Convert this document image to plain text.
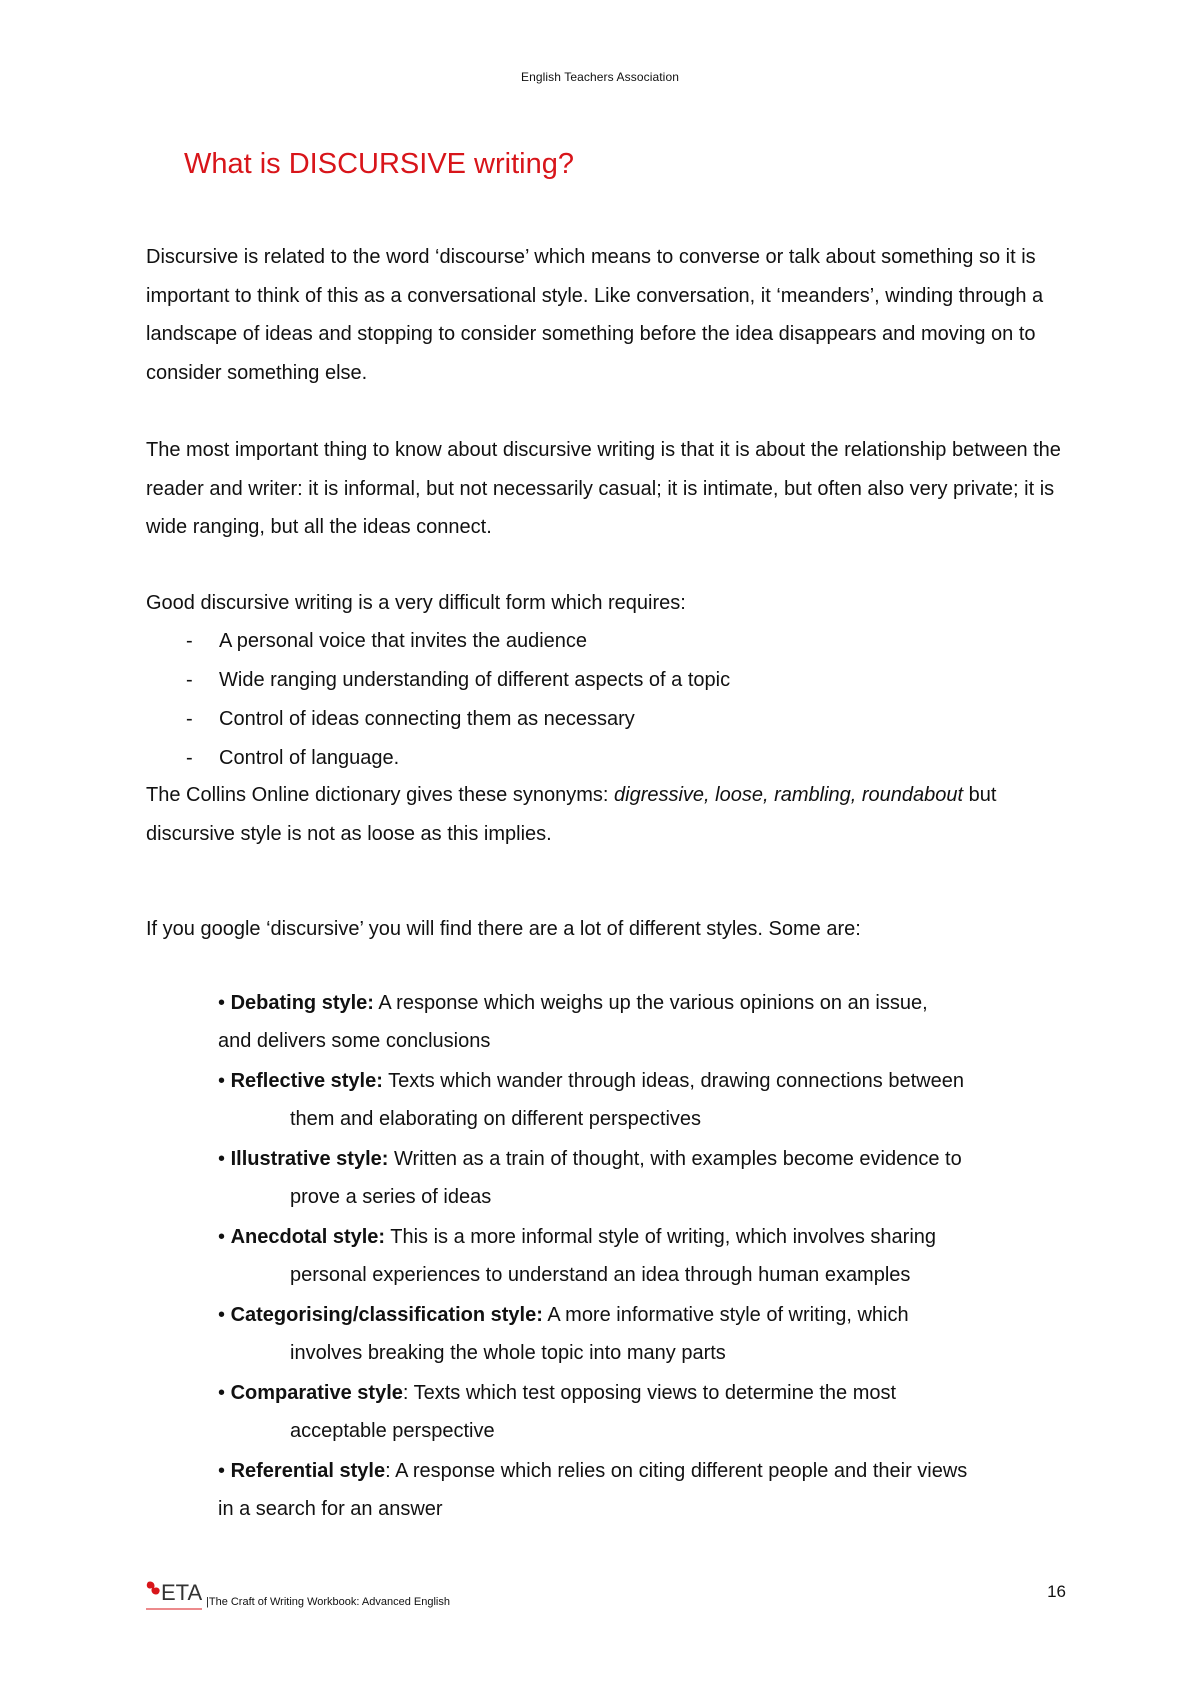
English Teachers Association
What is DISCURSIVE writing?

Discursive is related to the word ‘discourse’ which means to converse or talk about something so it is important to think of this as a conversational style. Like conversation, it ‘meanders’, winding through a landscape of ideas and stopping to consider something before the idea disappears and moving on to consider something else.

The most important thing to know about discursive writing is that it is about the relationship between the reader and writer: it is informal, but not necessarily casual; it is intimate, but often also very private; it is wide ranging, but all the ideas connect.

Good discursive writing is a very difficult form which requires:

- A personal voice that invites the audience
- Wide ranging understanding of different aspects of a topic
- Control of ideas connecting them as necessary
- Control of language.

The Collins Online dictionary gives these synonyms: digressive, loose, rambling, roundabout but discursive style is not as loose as this implies.

If you google ‘discursive’ you will find there are a lot of different styles. Some are:

• Debating style: A response which weighs up the various opinions on an issue,
and delivers some conclusions
• Reflective style: Texts which wander through ideas, drawing connections between
them and elaborating on different perspectives
• Illustrative style: Written as a train of thought, with examples become evidence to
prove a series of ideas
• Anecdotal style: This is a more informal style of writing, which involves sharing
personal experiences to understand an idea through human examples
• Categorising/classification style: A more informative style of writing, which
involves breaking the whole topic into many parts
• Comparative style: Texts which test opposing views to determine the most
acceptable perspective
• Referential style: A response which relies on citing different people and their views
in a search for an answer
ETA |The Craft of Writing Workbook: Advanced English
16
